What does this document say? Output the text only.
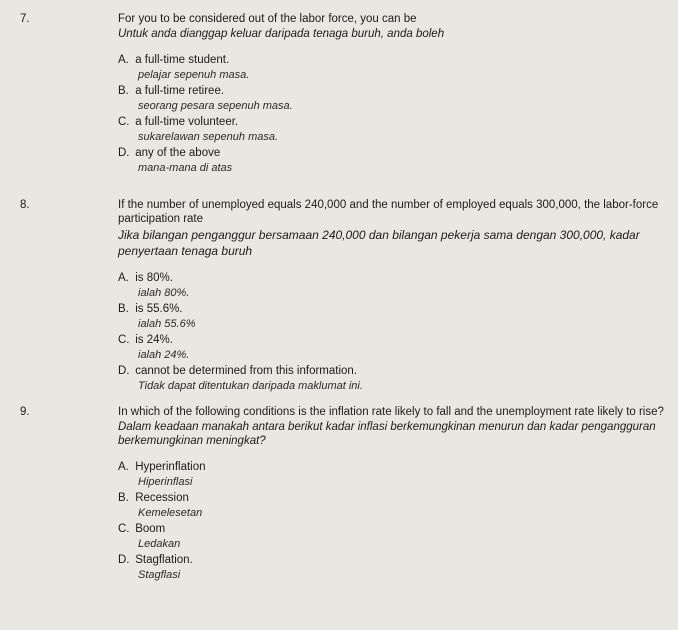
7.	For you to be considered out of the labor force, you can be
Untuk anda dianggap keluar daripada tenaga buruh, anda boleh
A. a full-time student.
pelajar sepenuh masa.
B. a full-time retiree.
seorang pesara sepenuh masa.
C. a full-time volunteer.
sukarelawan sepenuh masa.
D. any of the above
mana-mana di atas
8.	If the number of unemployed equals 240,000 and the number of employed equals 300,000, the labor-force participation rate
Jika bilangan penganggur bersamaan 240,000 dan bilangan pekerja sama dengan 300,000, kadar penyertaan tenaga buruh
A. is 80%.
ialah 80%.
B. is 55.6%.
ialah 55.6%
C. is 24%.
ialah 24%.
D. cannot be determined from this information.
Tidak dapat ditentukan daripada maklumat ini.
9.	In which of the following conditions is the inflation rate likely to fall and the unemployment rate likely to rise?
Dalam keadaan manakah antara berikut kadar inflasi berkemungkinan menurun dan kadar pengangguran berkemungkinan meningkat?
A. Hyperinflation
Hiperinflasi
B. Recession
Kemelesetan
C. Boom
Ledakan
D. Stagflation.
Stagflasi
